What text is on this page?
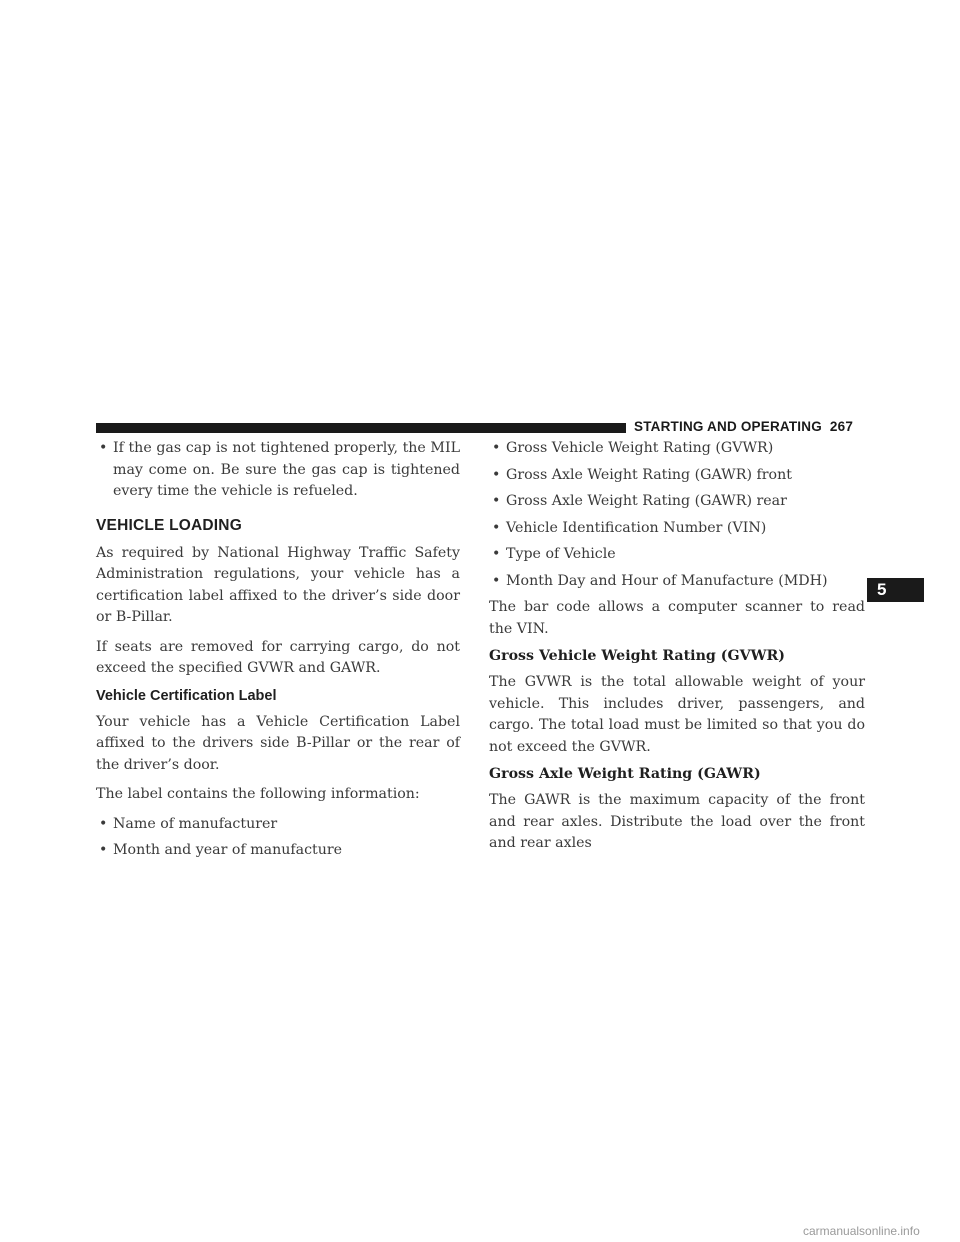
STARTING AND OPERATING 267
5
• If the gas cap is not tightened properly, the MIL may come on. Be sure the gas cap is tightened every time the vehicle is refueled.
VEHICLE LOADING

As required by National Highway Traffic Safety Administration regulations, your vehicle has a certification label affixed to the driver’s side door or B-Pillar.

If seats are removed for carrying cargo, do not exceed the specified GVWR and GAWR.

Vehicle Certification Label

Your vehicle has a Vehicle Certification Label affixed to the drivers side B-Pillar or the rear of the driver’s door.

The label contains the following information:

• Name of manufacturer
• Month and year of manufacture
• Gross Vehicle Weight Rating (GVWR)
• Gross Axle Weight Rating (GAWR) front
• Gross Axle Weight Rating (GAWR) rear
• Vehicle Identification Number (VIN)
• Type of Vehicle
• Month Day and Hour of Manufacture (MDH)

The bar code allows a computer scanner to read the VIN.

Gross Vehicle Weight Rating (GVWR)

The GVWR is the total allowable weight of your vehicle. This includes driver, passengers, and cargo. The total load must be limited so that you do not exceed the GVWR.

Gross Axle Weight Rating (GAWR)

The GAWR is the maximum capacity of the front and rear axles. Distribute the load over the front and rear axles

carmanualsonline.info
